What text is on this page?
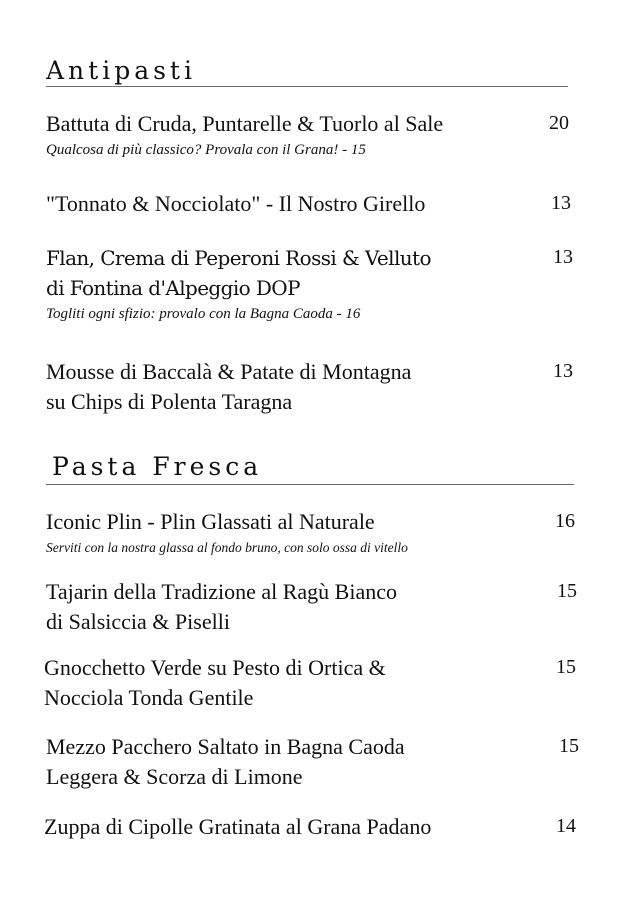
Antipasti
Battuta di Cruda, Puntarelle & Tuorlo al Sale
Qualcosa di più classico? Provala con il Grana! - 15
20
"Tonnato & Nocciolato" - Il Nostro Girello	13
Flan, Crema di Peperoni Rossi & Velluto
di Fontina d'Alpeggio DOP
Togliti ogni sfizio: provalo con la Bagna Caoda - 16
13
Mousse di Baccalà & Patate di Montagna
su Chips di Polenta Taragna
13
Pasta Fresca
Iconic Plin - Plin Glassati al Naturale
Serviti con la nostra glassa al fondo bruno, con solo ossa di vitello
16
Tajarin della Tradizione al Ragù Bianco
di Salsiccia & Piselli
15
Gnocchetto Verde su Pesto di Ortica &
Nocciola Tonda Gentile
15
Mezzo Pacchero Saltato in Bagna Caoda
Leggera & Scorza di Limone
15
Zuppa di Cipolle Gratinata al Grana Padano	14
